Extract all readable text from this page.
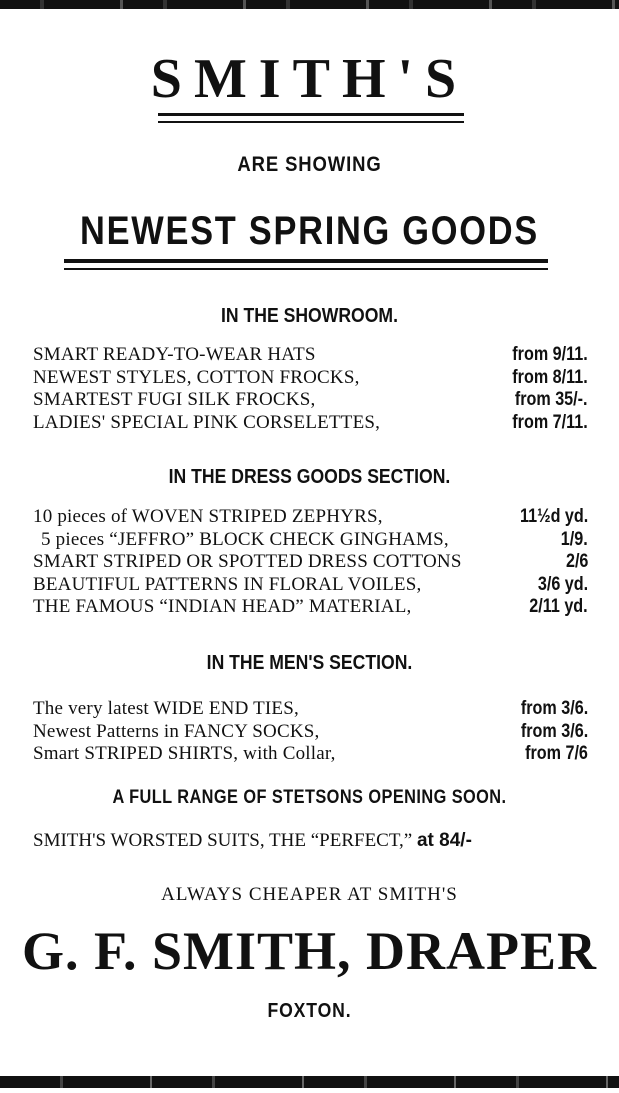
SMITH'S
ARE SHOWING
NEWEST SPRING GOODS
IN THE SHOWROOM.
SMART READY-TO-WEAR HATS	from 9/11.
NEWEST STYLES, COTTON FROCKS,	from 8/11.
SMARTEST FUGI SILK FROCKS,	from 35/-.
LADIES' SPECIAL PINK CORSELETTES,	from 7/11.
IN THE DRESS GOODS SECTION.
10 pieces of WOVEN STRIPED ZEPHYRS,	11½d yd.
5 pieces “JEFFRO” BLOCK CHECK GINGHAMS,	1/9.
SMART STRIPED OR SPOTTED DRESS COTTONS	2/6
BEAUTIFUL PATTERNS IN FLORAL VOILES,	3/6 yd.
THE FAMOUS “INDIAN HEAD” MATERIAL,	2/11 yd.
IN THE MEN'S SECTION.
The very latest WIDE END TIES,	from 3/6.
Newest Patterns in FANCY SOCKS,	from 3/6.
Smart STRIPED SHIRTS, with Collar,	from 7/6
A FULL RANGE OF STETSONS OPENING SOON.
SMITH'S WORSTED SUITS, THE “PERFECT,” at 84/-
ALWAYS CHEAPER AT SMITH'S
G. F. SMITH, DRAPER
FOXTON.
